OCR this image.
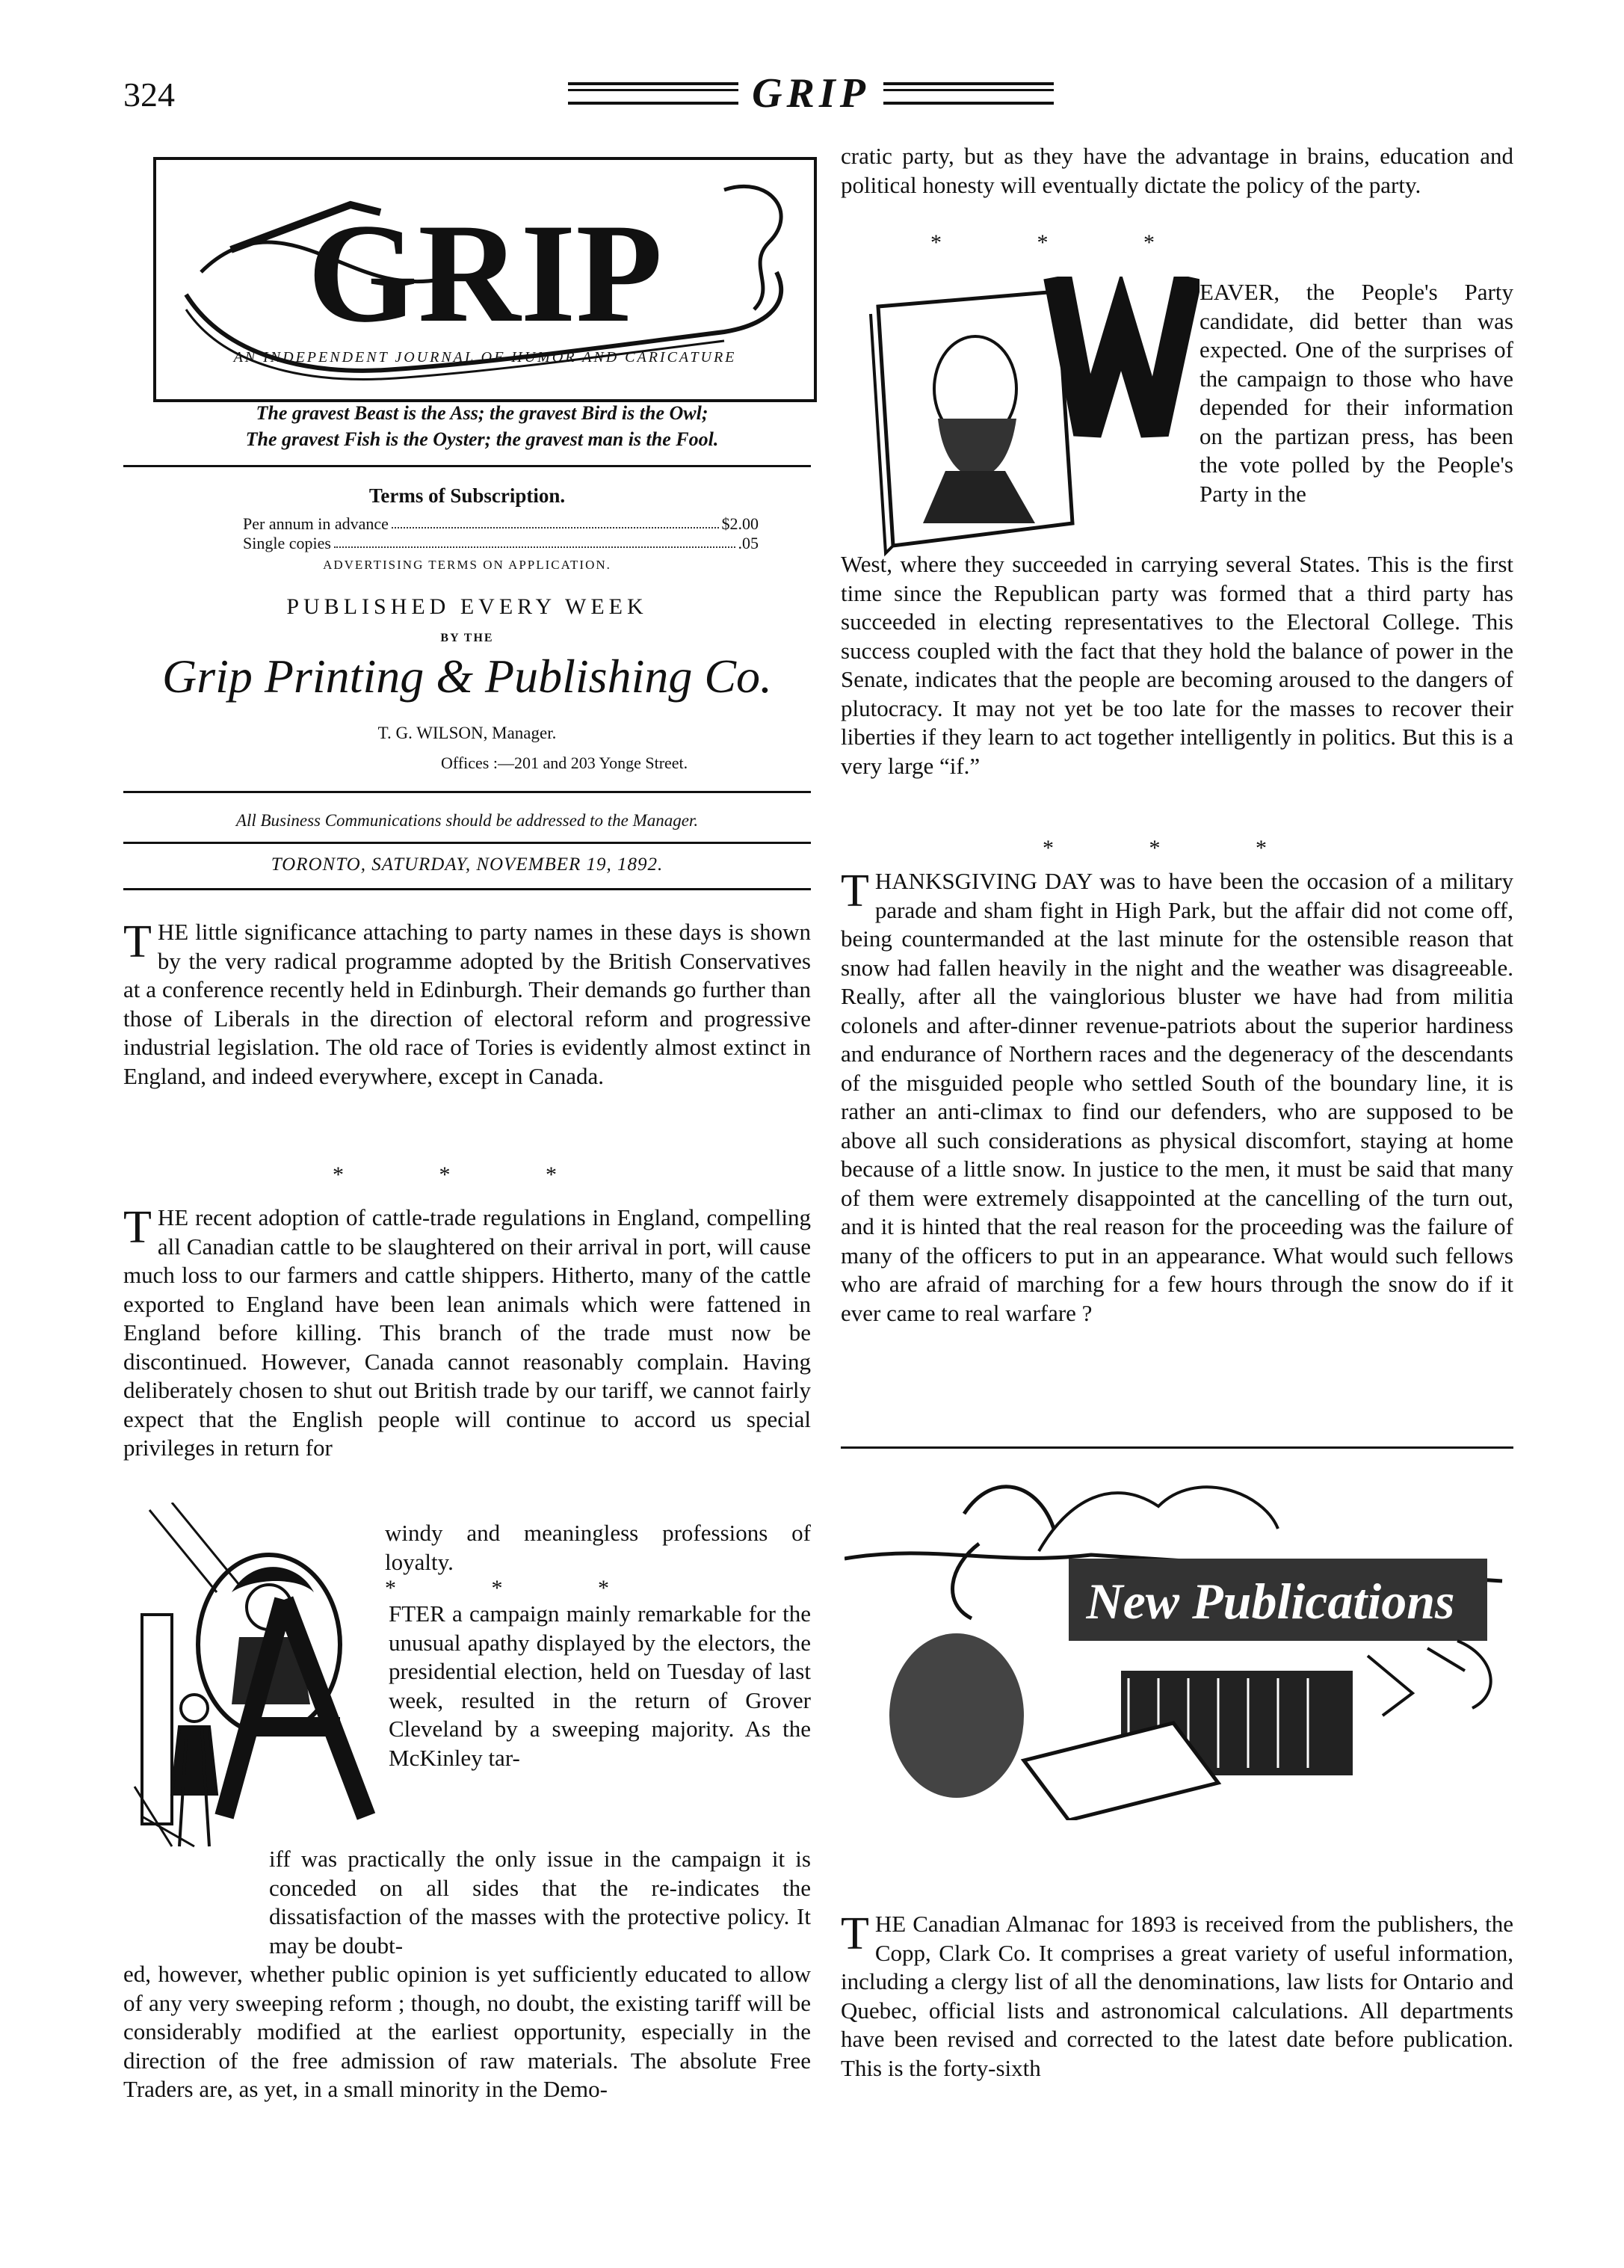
324	GRIP
GRIP
AN INDEPENDENT JOURNAL OF HUMOR AND CARICATURE
The gravest Beast is the Ass; the gravest Bird is the Owl;
The gravest Fish is the Oyster; the gravest man is the Fool.
Terms of Subscription.
Per annum in advance	$2.00
Single copies	.05
ADVERTISING TERMS ON APPLICATION.
PUBLISHED EVERY WEEK
BY THE
Grip Printing & Publishing Co.
T. G. WILSON, Manager.
Offices :—201 and 203 Yonge Street.
All Business Communications should be addressed to the Manager.
TORONTO, SATURDAY, NOVEMBER 19, 1892.
THE little significance attaching to party names in these days is shown by the very radical programme adopted by the British Conservatives at a conference recently held in Edinburgh. Their demands go further than those of Liberals in the direction of electoral reform and progressive industrial legislation. The old race of Tories is evidently almost extinct in England, and indeed everywhere, except in Canada.
* * *
THE recent adoption of cattle-trade regulations in England, compelling all Canadian cattle to be slaughtered on their arrival in port, will cause much loss to our farmers and cattle shippers. Hitherto, many of the cattle exported to England have been lean animals which were fattened in England before killing. This branch of the trade must now be discontinued. However, Canada cannot reasonably complain. Having deliberately chosen to shut out British trade by our tariff, we cannot fairly expect that the English people will continue to accord us special privileges in return for
windy and meaningless professions of loyalty.
* * *
FTER a campaign mainly remarkable for the unusual apathy displayed by the electors, the presidential election, held on Tuesday of last week, resulted in the return of Grover Cleveland by a sweeping majority. As the McKinley tar-
iff was practically the only issue in the campaign it is conceded on all sides that the re-indicates the dissatisfaction of the masses with the protective policy. It may be doubt-
ed, however, whether public opinion is yet sufficiently educated to allow of any very sweeping reform ; though, no doubt, the existing tariff will be considerably modified at the earliest opportunity, especially in the direction of the free admission of raw materials. The absolute Free Traders are, as yet, in a small minority in the Demo-
cratic party, but as they have the advantage in brains, education and political honesty will eventually dictate the policy of the party.
* * *
EAVER, the People's Party candidate, did better than was expected. One of the surprises of the campaign to those who have depended for their information on the partizan press, has been the vote polled by the People's Party in the
West, where they succeeded in carrying several States. This is the first time since the Republican party was formed that a third party has succeeded in electing representatives to the Electoral College. This success coupled with the fact that they hold the balance of power in the Senate, indicates that the people are becoming aroused to the dangers of plutocracy. It may not yet be too late for the masses to recover their liberties if they learn to act together intelligently in politics. But this is a very large “if.”
* * *
THANKSGIVING DAY was to have been the occasion of a military parade and sham fight in High Park, but the affair did not come off, being countermanded at the last minute for the ostensible reason that snow had fallen heavily in the night and the weather was disagreeable. Really, after all the vainglorious bluster we have had from militia colonels and after-dinner revenue-patriots about the superior hardiness and endurance of Northern races and the degeneracy of the descendants of the misguided people who settled South of the boundary line, it is rather an anti-climax to find our defenders, who are supposed to be above all such considerations as physical discomfort, staying at home because of a little snow. In justice to the men, it must be said that many of them were extremely disappointed at the cancelling of the turn out, and it is hinted that the real reason for the proceeding was the failure of many of the officers to put in an appearance. What would such fellows who are afraid of marching for a few hours through the snow do if it ever came to real warfare ?
New Publications
THE Canadian Almanac for 1893 is received from the publishers, the Copp, Clark Co. It comprises a great variety of useful information, including a clergy list of all the denominations, law lists for Ontario and Quebec, official lists and astronomical calculations. All departments have been revised and corrected to the latest date before publication. This is the forty-sixth
